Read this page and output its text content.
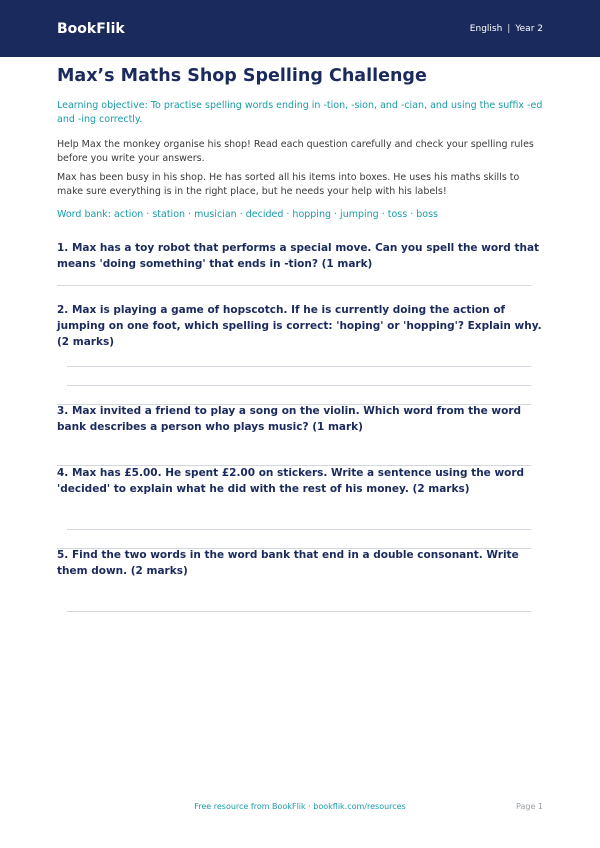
BookFlik	English | Year 2
Max’s Maths Shop Spelling Challenge

Learning objective: To practise spelling words ending in -tion, -sion, and -cian, and using the suffix -ed and -ing correctly.

Help Max the monkey organise his shop! Read each question carefully and check your spelling rules before you write your answers.

Max has been busy in his shop. He has sorted all his items into boxes. He uses his maths skills to make sure everything is in the right place, but he needs your help with his labels!

Word bank: action · station · musician · decided · hopping · jumping · toss · boss

1. Max has a toy robot that performs a special move. Can you spell the word that means 'doing something' that ends in -tion? (1 mark)

2. Max is playing a game of hopscotch. If he is currently doing the action of jumping on one foot, which spelling is correct: 'hoping' or 'hopping'? Explain why. (2 marks)

3. Max invited a friend to play a song on the violin. Which word from the word bank describes a person who plays music? (1 mark)

4. Max has £5.00. He spent £2.00 on stickers. Write a sentence using the word 'decided' to explain what he did with the rest of his money. (2 marks)

5. Find the two words in the word bank that end in a double consonant. Write them down. (2 marks)

Free resource from BookFlik · bookflik.com/resources	Page 1
